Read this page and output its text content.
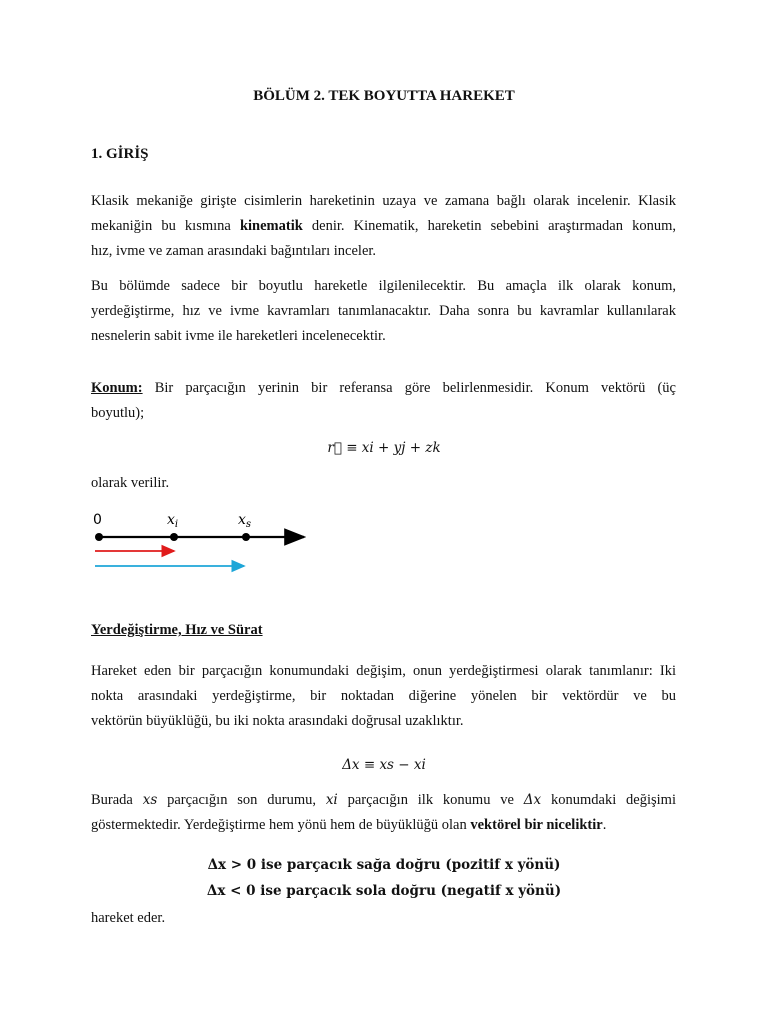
BÖLÜM 2. TEK BOYUTTA HAREKET
1. GİRİŞ
Klasik mekaniğe girişte cisimlerin hareketinin uzaya ve zamana bağlı olarak incelenir. Klasik
mekaniğin bu kısmına kinematik denir. Kinematik, hareketin sebebini araştırmadan konum,
hız, ivme ve zaman arasındaki bağıntıları inceler.
Bu bölümde sadece bir boyutlu hareketle ilgilenilecektir. Bu amaçla ilk olarak konum,
yerdeğiştirme, hız ve ivme kavramları tanımlanacaktır. Daha sonra bu kavramlar kullanılarak
nesnelerin sabit ivme ile hareketleri incelenecektir.
Konum: Bir parçacığın yerinin bir referansa göre belirlenmesidir. Konum vektörü (üç
boyutlu);
r⃗ ≡ xi + yj + zk
olarak verilir.
0	$x_i$	$x_s$
Yerdeğiştirme, Hız ve Sürat
Hareket eden bir parçacığın konumundaki değişim, onun yerdeğiştirmesi olarak tanımlanır: Iki
nokta arasındaki yerdeğiştirme, bir noktadan diğerine yönelen bir vektördür ve bu
vektörün büyüklüğü, bu iki nokta arasındaki doğrusal uzaklıktır.
Δx ≡ xs − xi
Burada xs parçacığın son durumu, xi parçacığın ilk konumu ve Δx konumdaki değişimi
göstermektedir. Yerdeğiştirme hem yönü hem de büyüklüğü olan vektörel bir niceliktir.
Δx > 0 ise parçacık sağa doğru (pozitif x yönü)
Δx < 0 ise parçacık sola doğru (negatif x yönü)
hareket eder.
